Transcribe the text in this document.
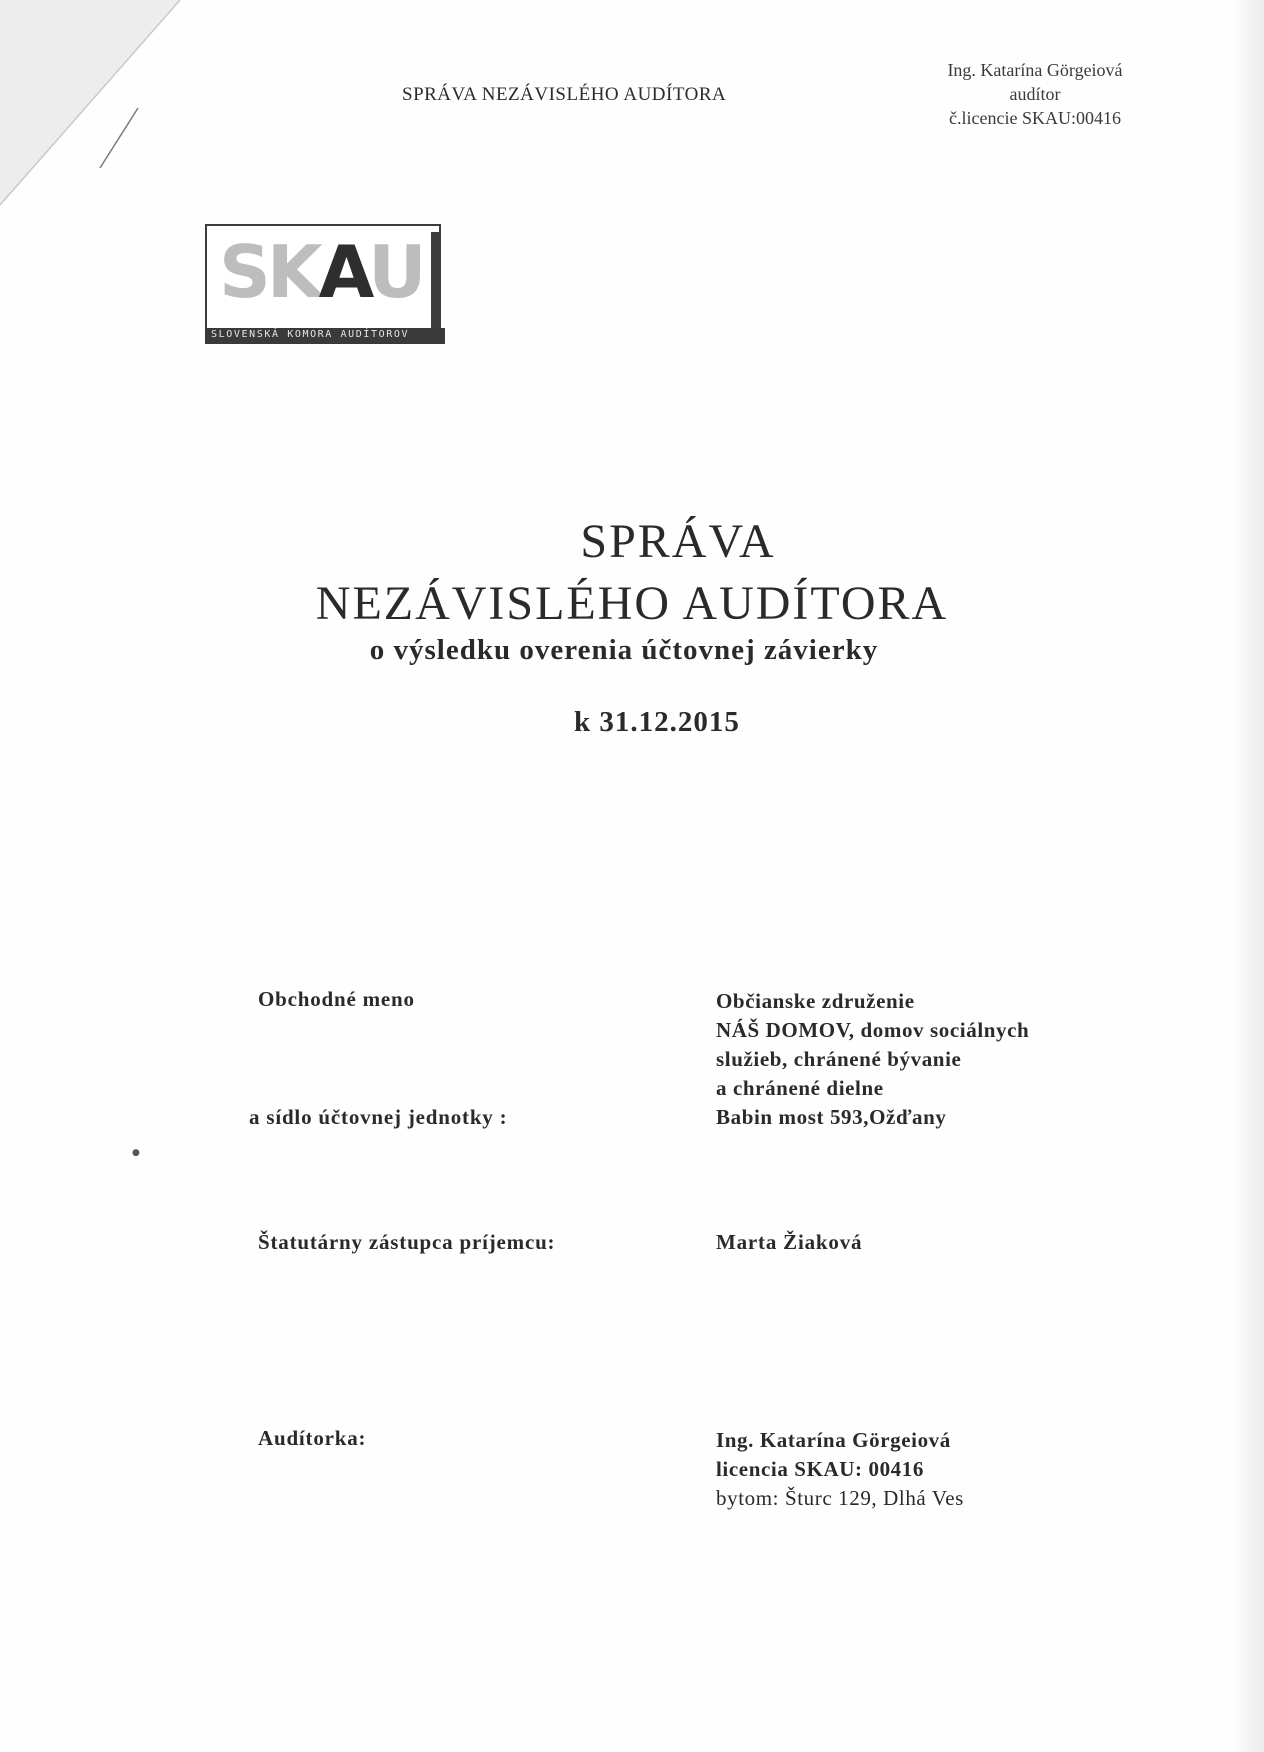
SPRÁVA NEZÁVISLÉHO AUDÍTORA
Ing. Katarína Görgeiová
audítor
č.licencie SKAU:00416
SKAU
SLOVENSKÁ KOMORA AUDÍTOROV
SPRÁVA
NEZÁVISLÉHO AUDÍTORA
o výsledku overenia účtovnej závierky
k 31.12.2015
Obchodné meno
a sídlo účtovnej jednotky :
Občianske združenie
NÁŠ DOMOV, domov sociálnych
služieb, chránené bývanie
a chránené dielne
Babin most 593,Ožďany
●
Štatutárny zástupca príjemcu:	Marta Žiaková
Audítorka:	Ing. Katarína Görgeiová
licencia SKAU: 00416
bytom: Šturc 129, Dlhá Ves
